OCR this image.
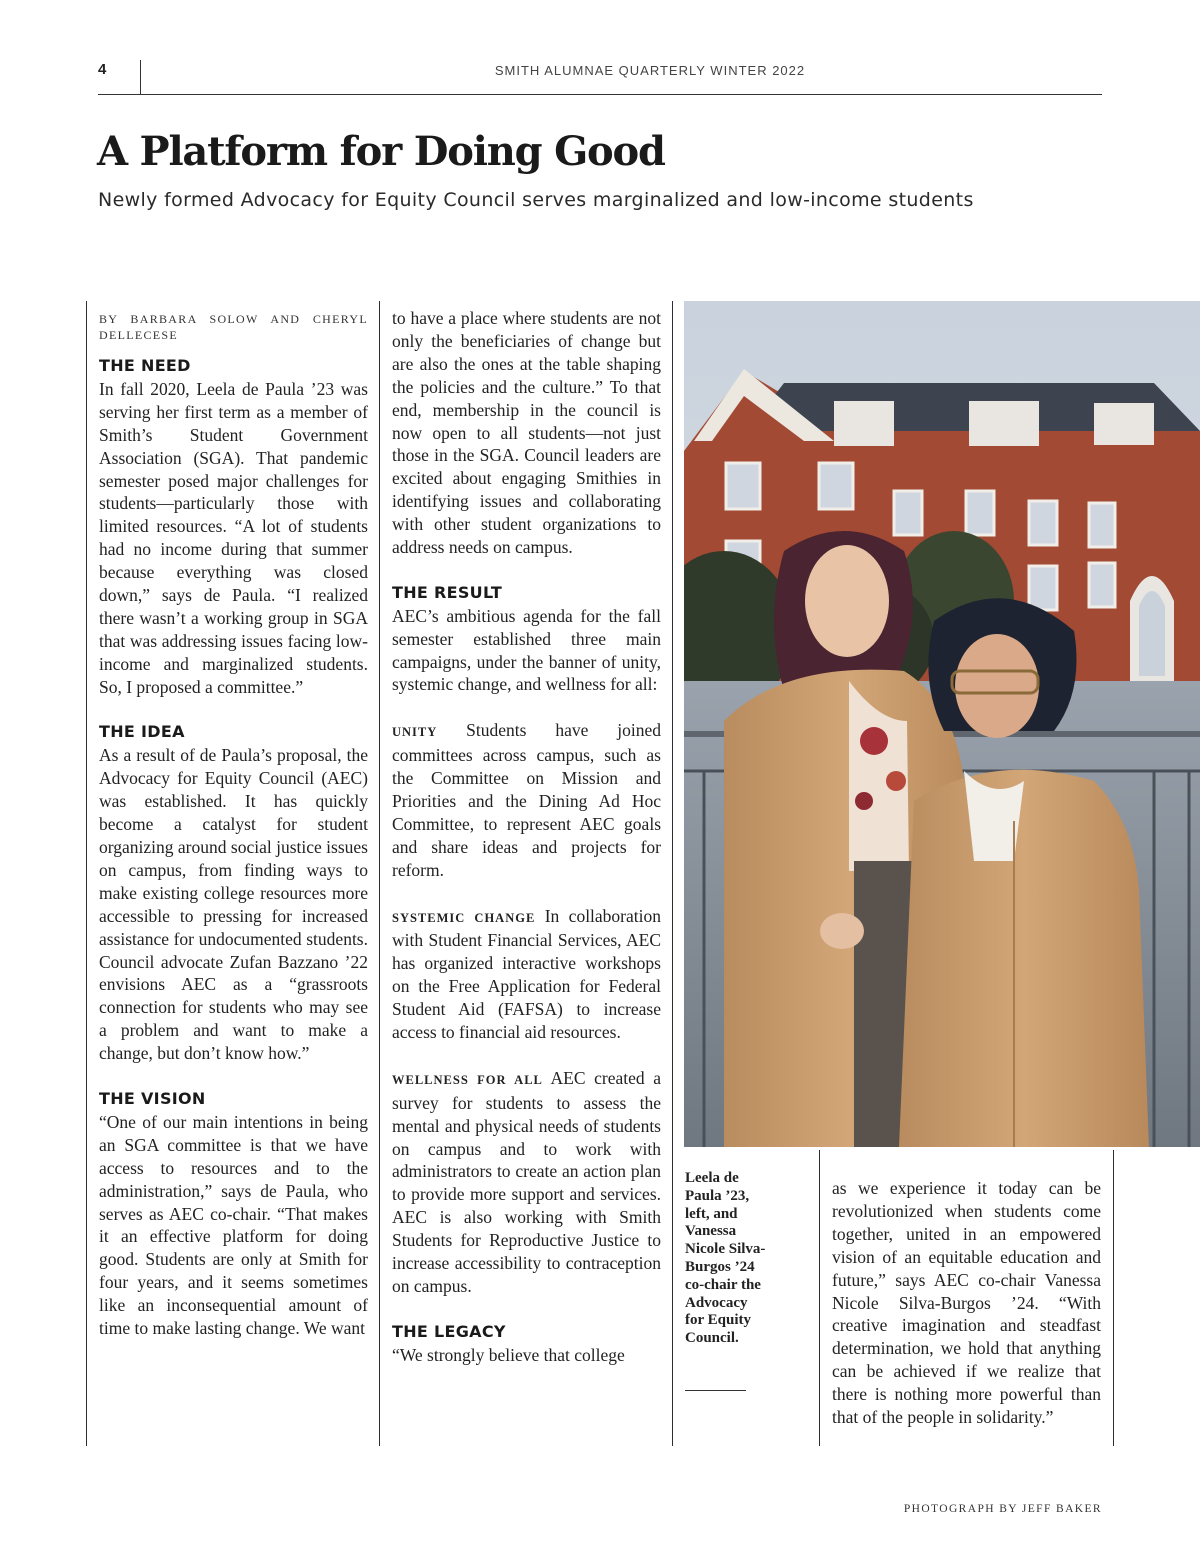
4	SMITH ALUMNAE QUARTERLY WINTER 2022
A Platform for Doing Good
Newly formed Advocacy for Equity Council serves marginalized and low-income students

BY BARBARA SOLOW AND CHERYL DELLECESE

THE NEED

In fall 2020, Leela de Paula ’23 was serving her first term as a member of Smith’s Student Government Association (SGA). That pandemic semester posed major challenges for students—particularly those with limited resources. “A lot of students had no income during that summer because everything was closed down,” says de Paula. “I realized there wasn’t a working group in SGA that was addressing issues facing low-income and marginalized students. So, I proposed a committee.”

THE IDEA

As a result of de Paula’s proposal, the Advocacy for Equity Council (AEC) was established. It has quickly become a catalyst for student organizing around social justice issues on campus, from finding ways to make existing college resources more accessible to pressing for increased assistance for undocumented students. Council advocate Zufan Bazzano ’22 envisions AEC as a “grassroots connection for students who may see a problem and want to make a change, but don’t know how.”

THE VISION

“One of our main intentions in being an SGA committee is that we have access to resources and to the administration,” says de Paula, who serves as AEC co-chair. “That makes it an effective platform for doing good. Students are only at Smith for four years, and it seems sometimes like an inconsequential amount of time to make lasting change. We want

to have a place where students are not only the beneficiaries of change but are also the ones at the table shaping the policies and the culture.” To that end, membership in the council is now open to all students—not just those in the SGA. Council leaders are excited about engaging Smithies in identifying issues and collaborating with other student organizations to address needs on campus.

THE RESULT

AEC’s ambitious agenda for the fall semester established three main campaigns, under the banner of unity, systemic change, and wellness for all:

UNITY Students have joined committees across campus, such as the Committee on Mission and Priorities and the Dining Ad Hoc Committee, to represent AEC goals and share ideas and projects for reform.

SYSTEMIC CHANGE In collaboration with Student Financial Services, AEC has organized interactive workshops on the Free Application for Federal Student Aid (FAFSA) to increase access to financial aid resources.

WELLNESS FOR ALL AEC created a survey for students to assess the mental and physical needs of students on campus and to work with administrators to create an action plan to provide more support and services. AEC is also working with Smith Students for Reproductive Justice to increase accessibility to contraception on campus.

THE LEGACY

“We strongly believe that college

Leela de Paula ’23, left, and Vanessa Nicole Silva-Burgos ’24 co-chair the Advocacy for Equity Council.

as we experience it today can be revolutionized when students come together, united in an empowered vision of an equitable education and future,” says AEC co-chair Vanessa Nicole Silva-Burgos ’24. “With creative imagination and steadfast determination, we hold that anything can be achieved if we realize that there is nothing more powerful than that of the people in solidarity.”

PHOTOGRAPH BY JEFF BAKER
